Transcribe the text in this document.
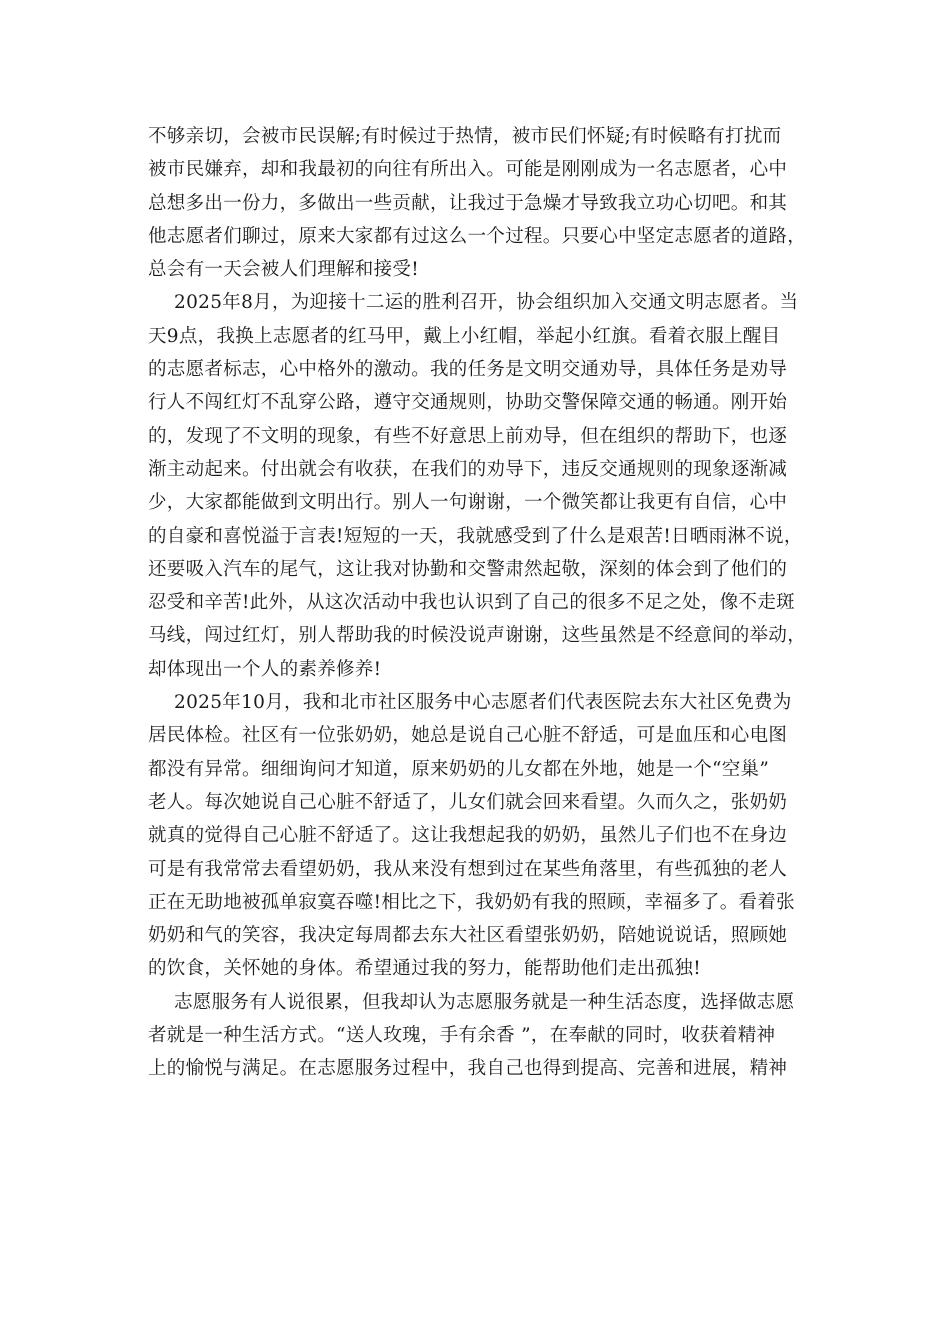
不够亲切，会被市民误解;有时候过于热情，被市民们怀疑;有时候略有打扰而
被市民嫌弃，却和我最初的向往有所出入。可能是刚刚成为一名志愿者，心中
总想多出一份力，多做出一些贡献，让我过于急燥才导致我立功心切吧。和其
他志愿者们聊过，原来大家都有过这么一个过程。只要心中坚定志愿者的道路，
总会有一天会被人们理解和接受!
2025年8月，为迎接十二运的胜利召开，协会组织加入交通文明志愿者。当
天9点，我换上志愿者的红马甲，戴上小红帽，举起小红旗。看着衣服上醒目
的志愿者标志，心中格外的激动。我的任务是文明交通劝导，具体任务是劝导
行人不闯红灯不乱穿公路，遵守交通规则，协助交警保障交通的畅通。刚开始
的，发现了不文明的现象，有些不好意思上前劝导，但在组织的帮助下，也逐
渐主动起来。付出就会有收获，在我们的劝导下，违反交通规则的现象逐渐减
少，大家都能做到文明出行。别人一句谢谢，一个微笑都让我更有自信，心中
的自豪和喜悦溢于言表!短短的一天，我就感受到了什么是艰苦!日晒雨淋不说，
还要吸入汽车的尾气，这让我对协勤和交警肃然起敬，深刻的体会到了他们的
忍受和辛苦!此外，从这次活动中我也认识到了自己的很多不足之处，像不走斑
马线，闯过红灯，别人帮助我的时候没说声谢谢，这些虽然是不经意间的举动，
却体现出一个人的素养修养!
2025年10月，我和北市社区服务中心志愿者们代表医院去东大社区免费为
居民体检。社区有一位张奶奶，她总是说自己心脏不舒适，可是血压和心电图
都没有异常。细细询问才知道，原来奶奶的儿女都在外地，她是一个“空巢”
老人。每次她说自己心脏不舒适了，儿女们就会回来看望。久而久之，张奶奶
就真的觉得自己心脏不舒适了。这让我想起我的奶奶，虽然儿子们也不在身边
可是有我常常去看望奶奶，我从来没有想到过在某些角落里，有些孤独的老人
正在无助地被孤单寂寞吞噬!相比之下，我奶奶有我的照顾，幸福多了。看着张
奶奶和气的笑容，我决定每周都去东大社区看望张奶奶，陪她说说话，照顾她
的饮食，关怀她的身体。希望通过我的努力，能帮助他们走出孤独!
志愿服务有人说很累，但我却认为志愿服务就是一种生活态度，选择做志愿
者就是一种生活方式。“送人玫瑰，手有余香 ”，在奉献的同时，收获着精神
上的愉悦与满足。在志愿服务过程中，我自己也得到提高、完善和进展，精神
